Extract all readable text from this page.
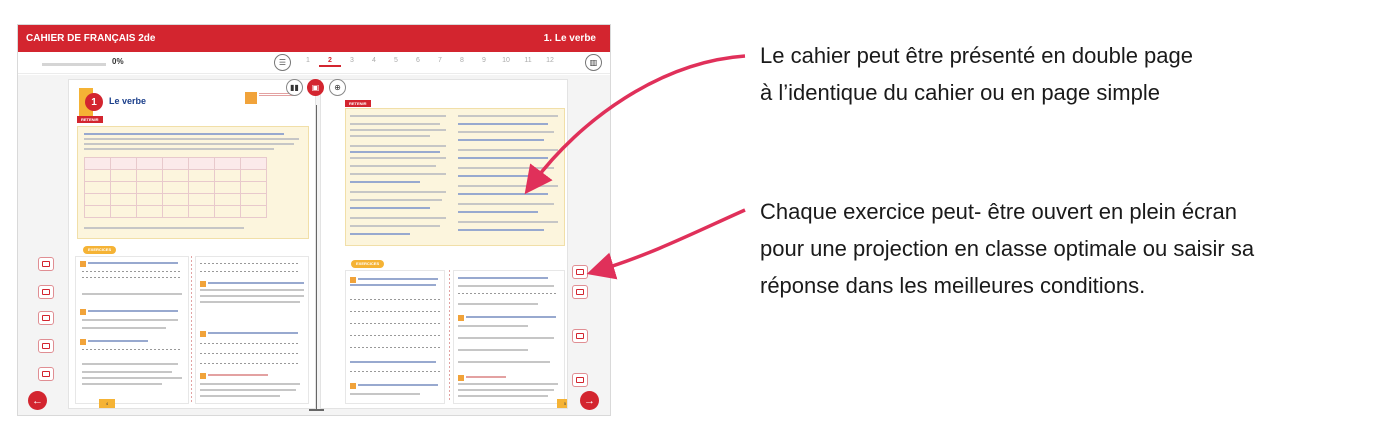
CAHIER DE FRANÇAIS 2de	1. Le verbe
0%	☰	1	2	3	4	5	6	7	8	9	10	11	12	▥
1	Le verbe
RETENIR

EXERCICES
4
RETENIR
EXERCICES
5
▮▮	▣	⊕
←	→
Le cahier peut être présenté en double page
à l’identique du cahier ou en page simple
Chaque exercice peut- être ouvert en plein écran
pour une projection en classe optimale ou saisir sa
réponse dans les meilleures conditions.
